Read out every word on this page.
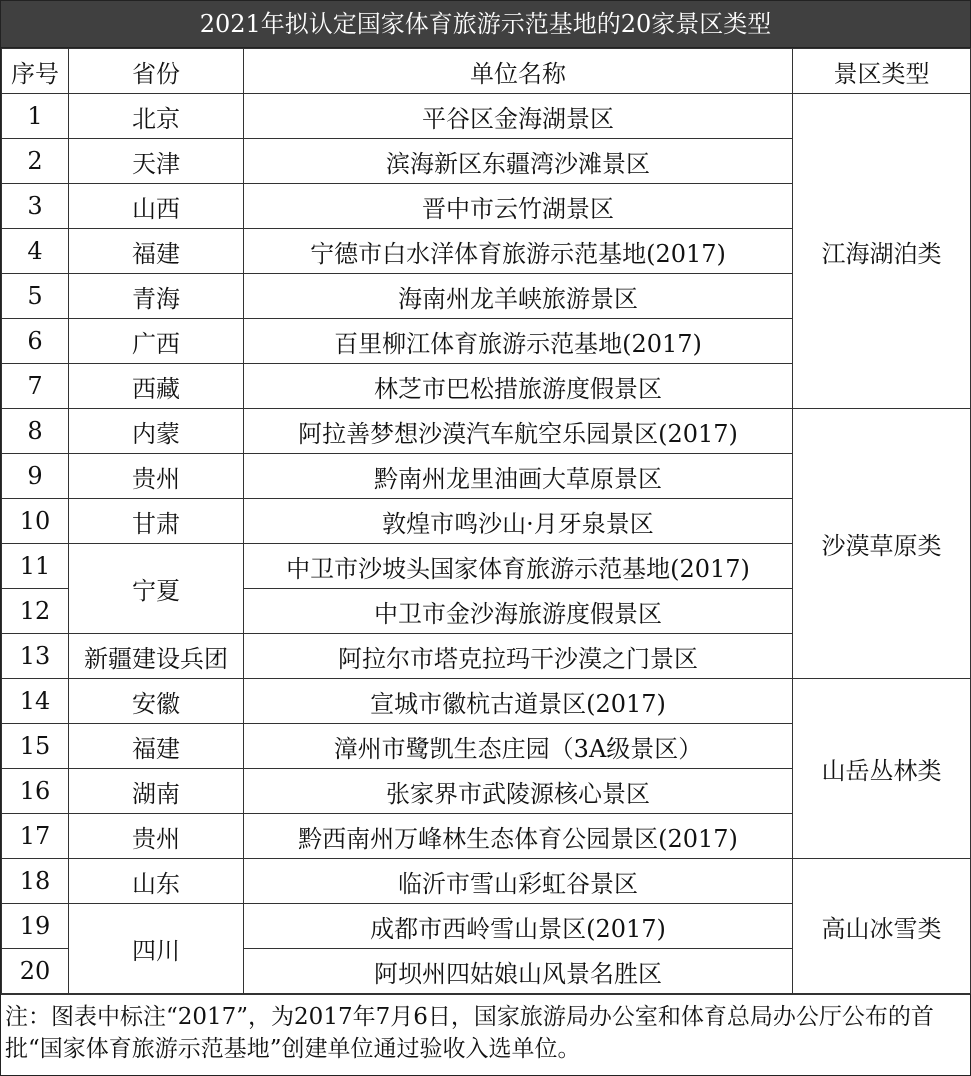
2021年拟认定国家体育旅游示范基地的20家景区类型
序号	省份	单位名称	景区类型
1	北京	平谷区金海湖景区	江海湖泊类
2	天津	滨海新区东疆湾沙滩景区	
3	山西	晋中市云竹湖景区	
4	福建	宁德市白水洋体育旅游示范基地(2017)	
5	青海	海南州龙羊峡旅游景区	
6	广西	百里柳江体育旅游示范基地(2017)	
7	西藏	林芝市巴松措旅游度假景区	
8	内蒙	阿拉善梦想沙漠汽车航空乐园景区(2017)	沙漠草原类
9	贵州	黔南州龙里油画大草原景区	
10	甘肃	敦煌市鸣沙山·月牙泉景区	
11	宁夏	中卫市沙坡头国家体育旅游示范基地(2017)	
12		中卫市金沙海旅游度假景区	
13	新疆建设兵团	阿拉尔市塔克拉玛干沙漠之门景区	
14	安徽	宣城市徽杭古道景区(2017)	山岳丛林类
15	福建	漳州市鹭凯生态庄园（3A级景区）	
16	湖南	张家界市武陵源核心景区	
17	贵州	黔西南州万峰林生态体育公园景区(2017)	
18	山东	临沂市雪山彩虹谷景区	高山冰雪类
19	四川	成都市西岭雪山景区(2017)	
20		阿坝州四姑娘山风景名胜区	
注：图表中标注“2017”，为2017年7月6日，国家旅游局办公室和体育总局办公厅公布的首批“国家体育旅游示范基地”创建单位通过验收入选单位。
